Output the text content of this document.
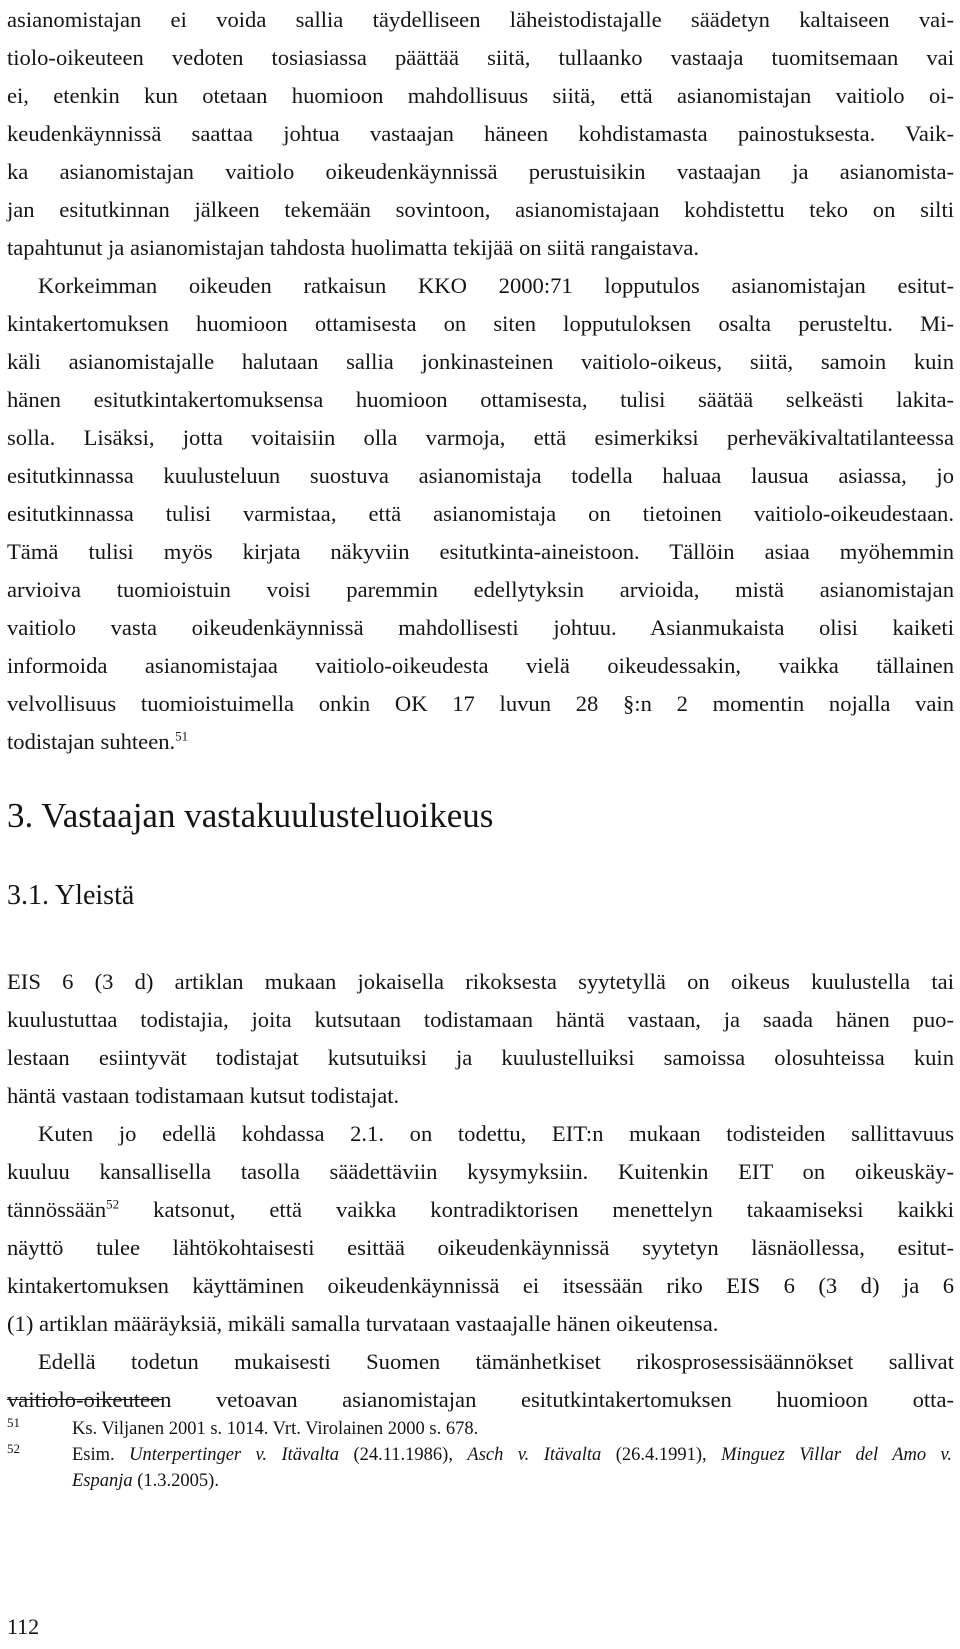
asianomistajan ei voida sallia täydelliseen läheistodistajalle säädetyn kaltaiseen vai-
tiolo-oikeuteen vedoten tosiasiassa päättää siitä, tullaanko vastaaja tuomitsemaan vai
ei, etenkin kun otetaan huomioon mahdollisuus siitä, että asianomistajan vaitiolo oi-
keudenkäynnissä saattaa johtua vastaajan häneen kohdistamasta painostuksesta. Vaik-
ka asianomistajan vaitiolo oikeudenkäynnissä perustuisikin vastaajan ja asianomista-
jan esitutkinnan jälkeen tekemään sovintoon, asianomistajaan kohdistettu teko on silti
tapahtunut ja asianomistajan tahdosta huolimatta tekijää on siitä rangaistava.
Korkeimman oikeuden ratkaisun KKO 2000:71 lopputulos asianomistajan esitut-
kintakertomuksen huomioon ottamisesta on siten lopputuloksen osalta perusteltu. Mi-
käli asianomistajalle halutaan sallia jonkinasteinen vaitiolo-oikeus, siitä, samoin kuin
hänen esitutkintakertomuksensa huomioon ottamisesta, tulisi säätää selkeästi lakita-
solla. Lisäksi, jotta voitaisiin olla varmoja, että esimerkiksi perheväkivaltatilanteessa
esitutkinnassa kuulusteluun suostuva asianomistaja todella haluaa lausua asiassa, jo
esitutkinnassa tulisi varmistaa, että asianomistaja on tietoinen vaitiolo-oikeudestaan.
Tämä tulisi myös kirjata näkyviin esitutkinta-aineistoon. Tällöin asiaa myöhemmin
arvioiva tuomioistuin voisi paremmin edellytyksin arvioida, mistä asianomistajan
vaitiolo vasta oikeudenkäynnissä mahdollisesti johtuu. Asianmukaista olisi kaiketi
informoida asianomistajaa vaitiolo-oikeudesta vielä oikeudessakin, vaikka tällainen
velvollisuus tuomioistuimella onkin OK 17 luvun 28 §:n 2 momentin nojalla vain
todistajan suhteen.$^{51}$
3. Vastaajan vastakuulusteluoikeus
3.1. Yleistä
EIS 6 (3 d) artiklan mukaan jokaisella rikoksesta syytetyllä on oikeus kuulustella tai
kuulustuttaa todistajia, joita kutsutaan todistamaan häntä vastaan, ja saada hänen puo-
lestaan esiintyvät todistajat kutsutuiksi ja kuulustelluiksi samoissa olosuhteissa kuin
häntä vastaan todistamaan kutsut todistajat.
Kuten jo edellä kohdassa 2.1. on todettu, EIT:n mukaan todisteiden sallittavuus
kuuluu kansallisella tasolla säädettäviin kysymyksiin. Kuitenkin EIT on oikeuskäy-
tännössään$^{52}$ katsonut, että vaikka kontradiktorisen menettelyn takaamiseksi kaikki
näyttö tulee lähtökohtaisesti esittää oikeudenkäynnissä syytetyn läsnäollessa, esitut-
kintakertomuksen käyttäminen oikeudenkäynnissä ei itsessään riko EIS 6 (3 d) ja 6
(1) artiklan määräyksiä, mikäli samalla turvataan vastaajalle hänen oikeutensa.
Edellä todetun mukaisesti Suomen tämänhetkiset rikosprosessisäännökset sallivat
vaitiolo-oikeuteen vetoavan asianomistajan esitutkintakertomuksen huomioon otta-
51	Ks. Viljanen 2001 s. 1014. Vrt. Virolainen 2000 s. 678.
52	Esim. Unterpertinger v. Itävalta (24.11.1986), Asch v. Itävalta (26.4.1991), Minguez Villar del Amo v.
Espanja (1.3.2005).
112
